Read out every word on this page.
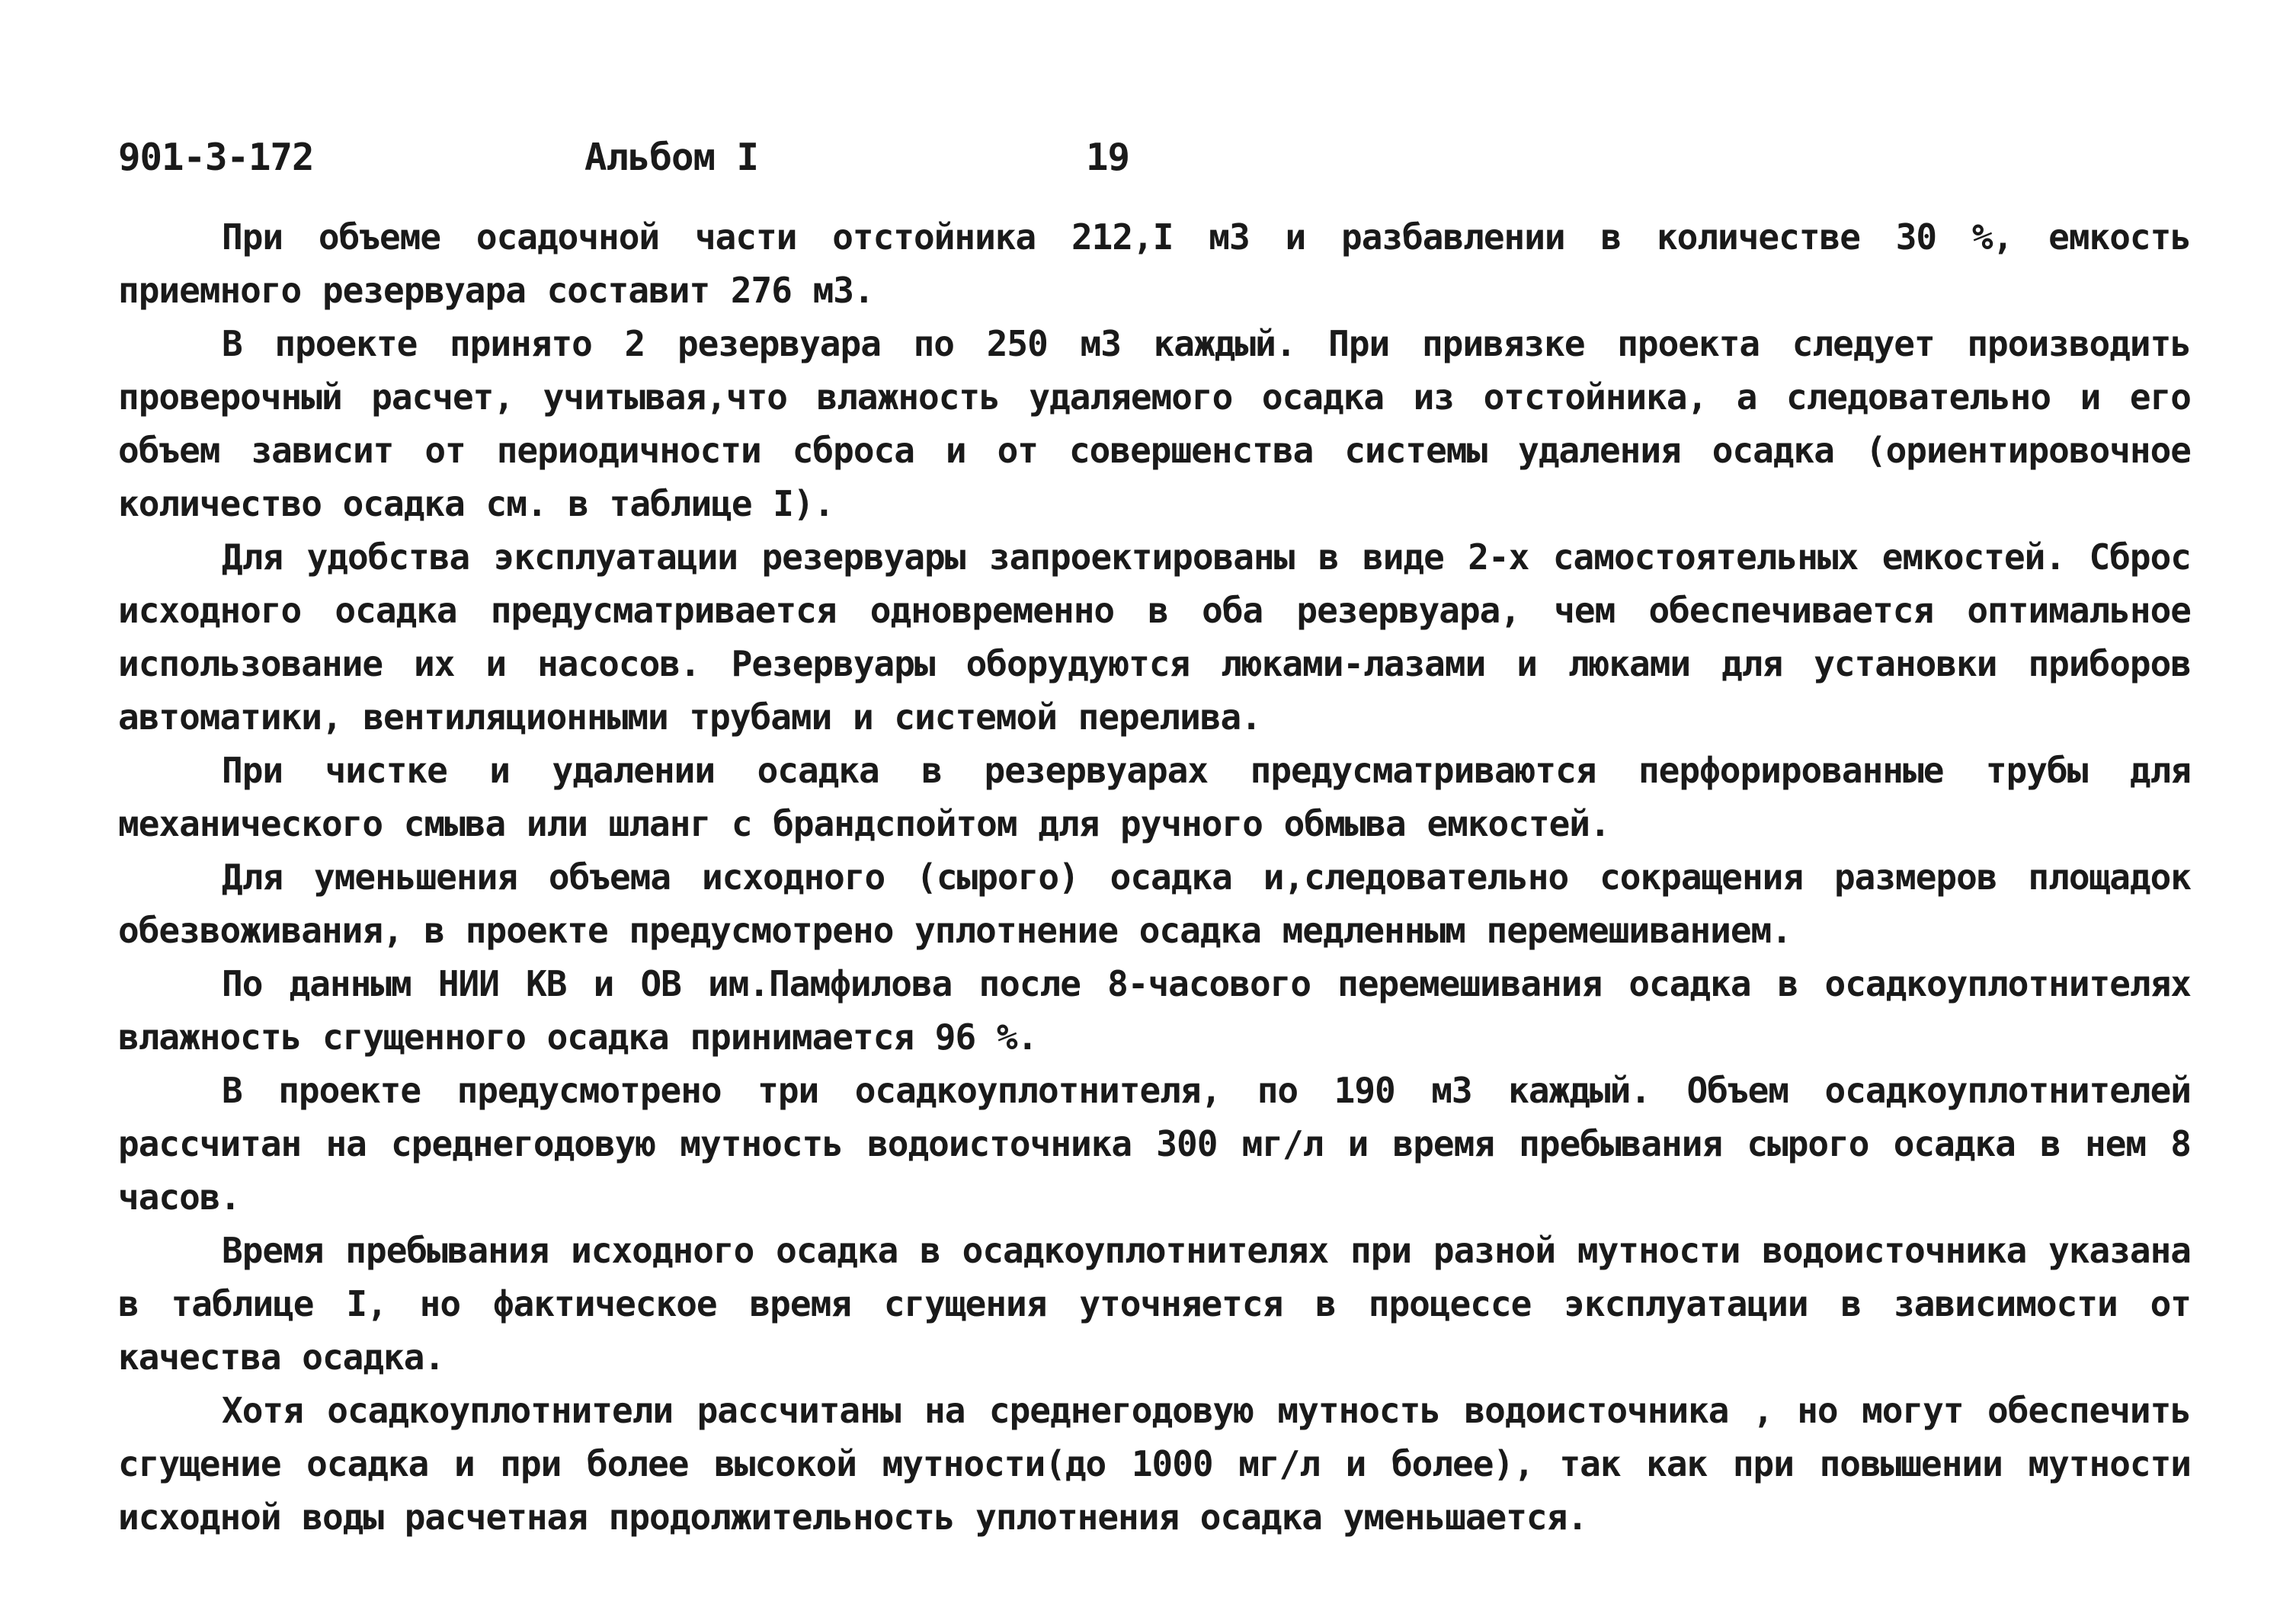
901-3-172	Альбом I	19

При объеме осадочной части отстойника 212,I м3 и разбавлении в количестве 30 %, емкость приемного резервуара составит 276 м3.

В проекте принято 2 резервуара по 250 м3 каждый. При привязке проекта следует производить проверочный расчет, учитывая,что влажность удаляемого осадка из отстойника, а следовательно и его объем зависит от периодичности сброса и от совершенства системы удаления осадка (ориентировочное количество осадка см. в таблице I).

Для удобства эксплуатации резервуары запроектированы в виде 2-х самостоятельных емкостей. Сброс исходного осадка предусматривается одновременно в оба резервуара, чем обеспечивается оптимальное использование их и насосов. Резервуары оборудуются люками-лазами и люками для установки приборов автоматики, вентиляционными трубами и системой перелива.

При чистке и удалении осадка в резервуарах предусматриваются перфорированные трубы для механического смыва или шланг с брандспойтом для ручного обмыва емкостей.

Для уменьшения объема исходного (сырого) осадка и,следовательно сокращения размеров площадок обезвоживания, в проекте предусмотрено уплотнение осадка медленным перемешиванием.

По данным НИИ КВ и ОВ им.Памфилова после 8-часового перемешивания осадка в осадкоуплотнителях влажность сгущенного осадка принимается 96 %.

В проекте предусмотрено три осадкоуплотнителя, по 190 м3 каждый. Объем осадкоуплотнителей рассчитан на среднегодовую мутность водоисточника 300 мг/л и время пребывания сырого осадка в нем 8 часов.

Время пребывания исходного осадка в осадкоуплотнителях при разной мутности водоисточника указана в таблице I, но фактическое время сгущения уточняется в процессе эксплуатации в зависимости от качества осадка.

Хотя осадкоуплотнители рассчитаны на среднегодовую мутность водоисточника , но могут обеспечить сгущение осадка и при более высокой мутности(до 1000 мг/л и более), так как при повышении мутности исходной воды расчетная продолжительность уплотнения осадка уменьшается.
